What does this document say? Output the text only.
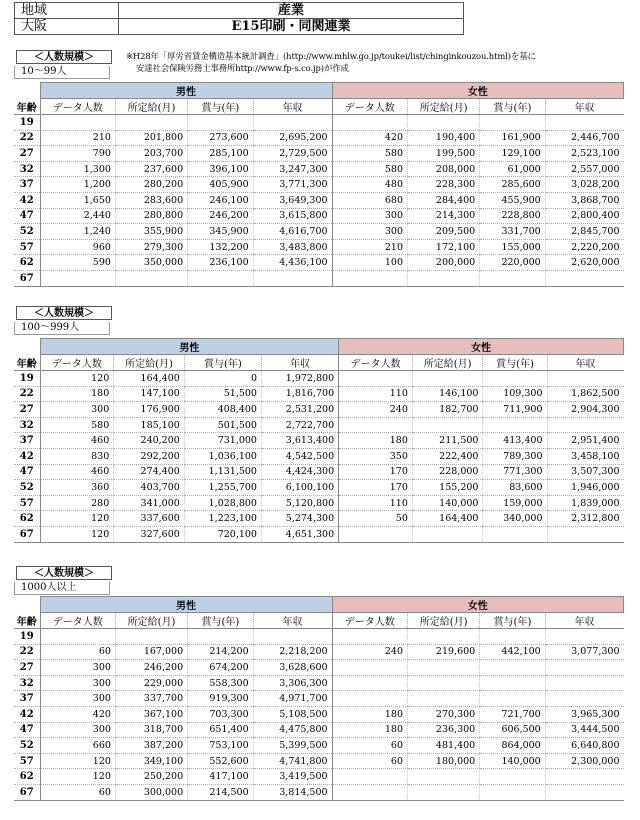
地域	産業
大阪	E15印刷・同関連業
※H28年「厚労省賃金構造基本統計調査」(http://www.mhlw.go.jp/toukei/list/chinginkouzou.html)を基に
安達社会保険労務士事務所http://www.fp-s.co.jp)が作成
＜人数規模＞
10～99人
	男性				女性			
年齢	データ人数	所定給(月)	賞与(年)	年収	データ人数	所定給(月)	賞与(年)	年収
19								
22	210	201,800	273,600	2,695,200	420	190,400	161,900	2,446,700
27	790	203,700	285,100	2,729,500	580	199,500	129,100	2,523,100
32	1,300	237,600	396,100	3,247,300	580	208,000	61,000	2,557,000
37	1,200	280,200	405,900	3,771,300	480	228,300	285,600	3,028,200
42	1,650	283,600	246,100	3,649,300	680	284,400	455,900	3,868,700
47	2,440	280,800	246,200	3,615,800	300	214,300	228,800	2,800,400
52	1,240	355,900	345,900	4,616,700	300	209,500	331,700	2,845,700
57	960	279,300	132,200	3,483,800	210	172,100	155,000	2,220,200
62	590	350,000	236,100	4,436,100	100	200,000	220,000	2,620,000
67								
＜人数規模＞
100～999人
	男性				女性			
年齢	データ人数	所定給(月)	賞与(年)	年収	データ人数	所定給(月)	賞与(年)	年収
19	120	164,400	0	1,972,800				
22	180	147,100	51,500	1,816,700	110	146,100	109,300	1,862,500
27	300	176,900	408,400	2,531,200	240	182,700	711,900	2,904,300
32	580	185,100	501,500	2,722,700				
37	460	240,200	731,000	3,613,400	180	211,500	413,400	2,951,400
42	830	292,200	1,036,100	4,542,500	350	222,400	789,300	3,458,100
47	460	274,400	1,131,500	4,424,300	170	228,000	771,300	3,507,300
52	360	403,700	1,255,700	6,100,100	170	155,200	83,600	1,946,000
57	280	341,000	1,028,800	5,120,800	110	140,000	159,000	1,839,000
62	120	337,600	1,223,100	5,274,300	50	164,400	340,000	2,312,800
67	120	327,600	720,100	4,651,300				
＜人数規模＞
1000人以上
	男性				女性			
年齢	データ人数	所定給(月)	賞与(年)	年収	データ人数	所定給(月)	賞与(年)	年収
19								
22	60	167,000	214,200	2,218,200	240	219,600	442,100	3,077,300
27	300	246,200	674,200	3,628,600				
32	300	229,000	558,300	3,306,300				
37	300	337,700	919,300	4,971,700				
42	420	367,100	703,300	5,108,500	180	270,300	721,700	3,965,300
47	300	318,700	651,400	4,475,800	180	236,300	606,500	3,444,500
52	660	387,200	753,100	5,399,500	60	481,400	864,000	6,640,800
57	120	349,100	552,600	4,741,800	60	180,000	140,000	2,300,000
62	120	250,200	417,100	3,419,500				
67	60	300,000	214,500	3,814,500				
